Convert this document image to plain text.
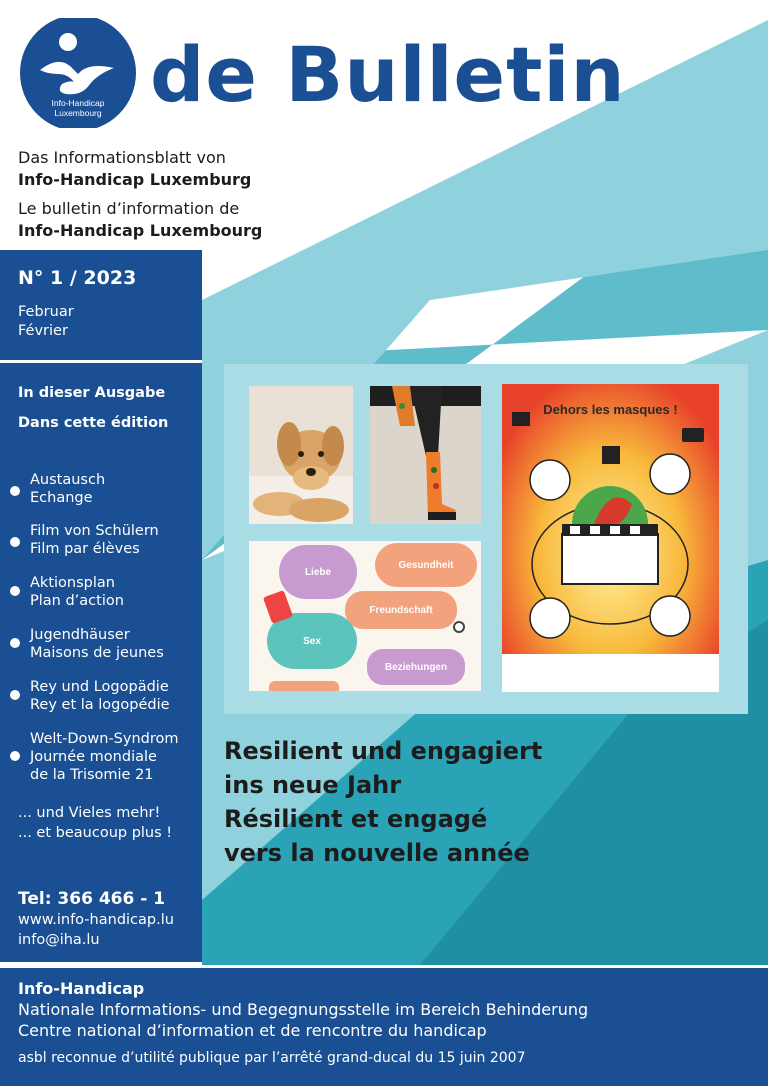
Info-Handicap
Luxembourg de Bulletin
Das Informationsblatt von
Info-Handicap Luxemburg
Le bulletin d’information de
Info-Handicap Luxembourg
N° 1 / 2023
Februar
Février
In dieser Ausgabe
Dans cette édition
Austausch
Echange
Film von Schülern
Film par élèves
Aktionsplan
Plan d’action
Jugendhäuser
Maisons de jeunes
Rey und Logopädie
Rey et la logopédie
Welt-Down-Syndrom
Journée mondiale
de la Trisomie 21
... und Vieles mehr!
... et beaucoup plus !
Tel: 366 466 - 1
www.info-handicap.lu
info@iha.lu
Liebe
Gesundheit
Freundschaft
Sex
Beziehungen
Dehors les masques !
Resilient und engagiert
ins neue Jahr
Résilient et engagé
vers la nouvelle année
Info-Handicap
Nationale Informations- und Begegnungsstelle im Bereich Behinderung
Centre national d’information et de rencontre du handicap
asbl reconnue d’utilité publique par l’arrêté grand-ducal du 15 juin 2007
